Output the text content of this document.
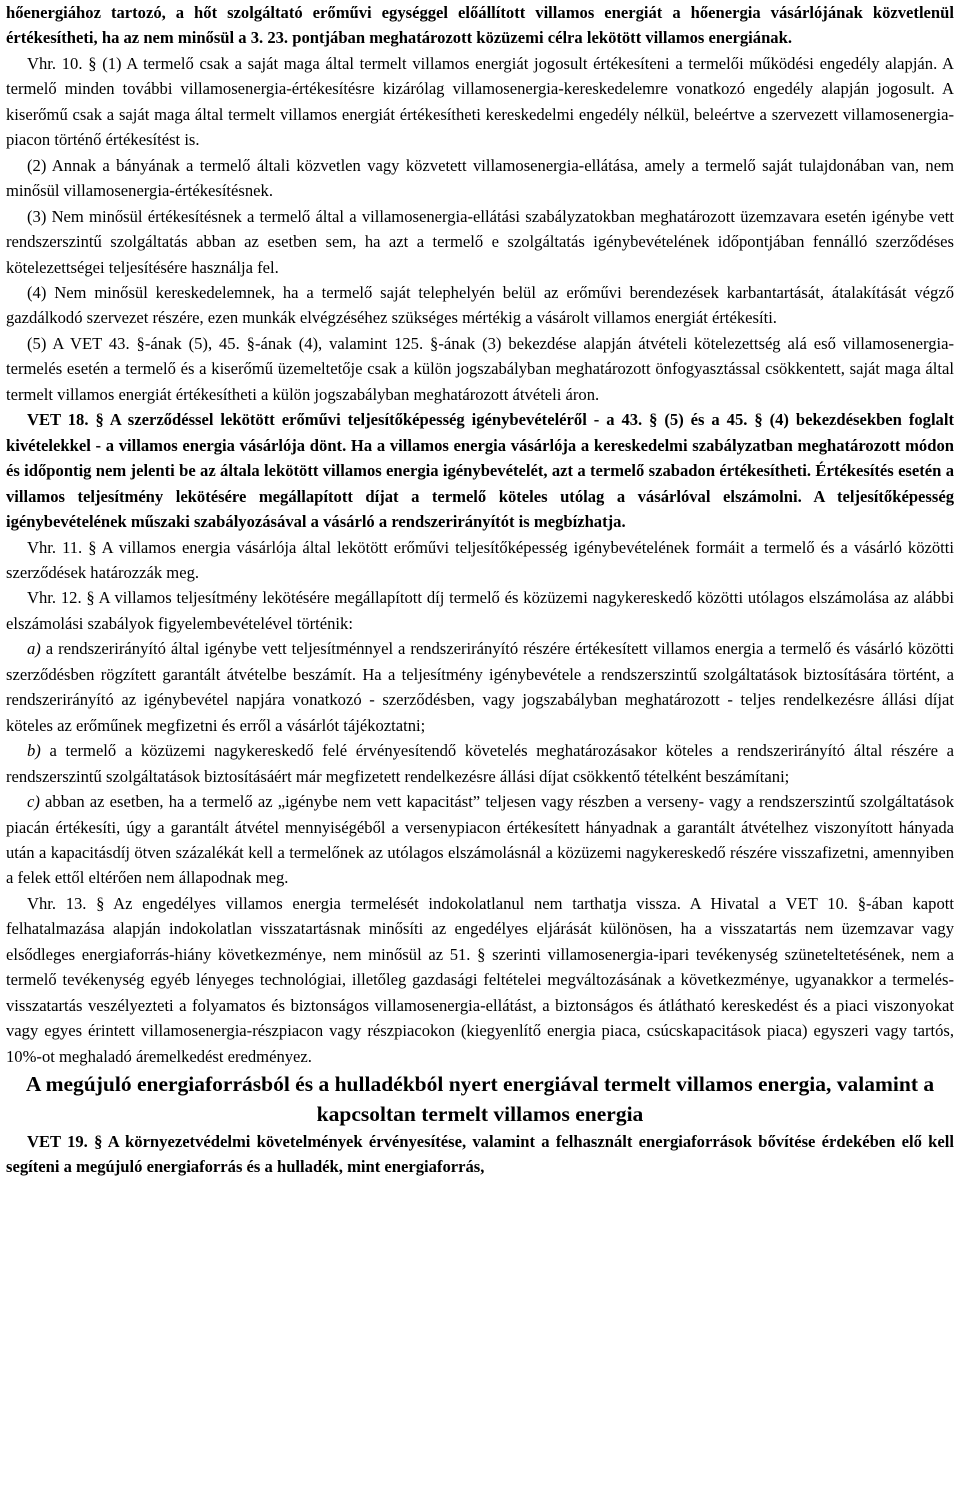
hőenergiához tartozó, a hőt szolgáltató erőművi egységgel előállított villamos energiát a hőenergia vásárlójának közvetlenül értékesítheti, ha az nem minősül a 3. 23. pontjában meghatározott közüzemi célra lekötött villamos energiának.

Vhr. 10. § (1) A termelő csak a saját maga által termelt villamos energiát jogosult értékesíteni a termelői működési engedély alapján. A termelő minden további villamosenergia-értékesítésre kizárólag villamosenergia-kereskedelemre vonatkozó engedély alapján jogosult. A kiserőmű csak a saját maga által termelt villamos energiát értékesítheti kereskedelmi engedély nélkül, beleértve a szervezett villamosenergia-piacon történő értékesítést is.

(2) Annak a bányának a termelő általi közvetlen vagy közvetett villamosenergia-ellátása, amely a termelő saját tulajdonában van, nem minősül villamosenergia-értékesítésnek.

(3) Nem minősül értékesítésnek a termelő által a villamosenergia-ellátási szabályzatokban meghatározott üzemzavara esetén igénybe vett rendszerszintű szolgáltatás abban az esetben sem, ha azt a termelő e szolgáltatás igénybevételének időpontjában fennálló szerződéses kötelezettségei teljesítésére használja fel.

(4) Nem minősül kereskedelemnek, ha a termelő saját telephelyén belül az erőművi berendezések karbantartását, átalakítását végző gazdálkodó szervezet részére, ezen munkák elvégzéséhez szükséges mértékig a vásárolt villamos energiát értékesíti.

(5) A VET 43. §-ának (5), 45. §-ának (4), valamint 125. §-ának (3) bekezdése alapján átvételi kötelezettség alá eső villamosenergia-termelés esetén a termelő és a kiserőmű üzemeltetője csak a külön jogszabályban meghatározott önfogyasztással csökkentett, saját maga által termelt villamos energiát értékesítheti a külön jogszabályban meghatározott átvételi áron.

VET 18. § A szerződéssel lekötött erőművi teljesítőképesség igénybevételéről - a 43. § (5) és a 45. § (4) bekezdésekben foglalt kivételekkel - a villamos energia vásárlója dönt. Ha a villamos energia vásárlója a kereskedelmi szabályzatban meghatározott módon és időpontig nem jelenti be az általa lekötött villamos energia igénybevételét, azt a termelő szabadon értékesítheti. Értékesítés esetén a villamos teljesítmény lekötésére megállapított díjat a termelő köteles utólag a vásárlóval elszámolni. A teljesítőképesség igénybevételének műszaki szabályozásával a vásárló a rendszerirányítót is megbízhatja.

Vhr. 11. § A villamos energia vásárlója által lekötött erőművi teljesítőképesség igénybevételének formáit a termelő és a vásárló közötti szerződések határozzák meg.

Vhr. 12. § A villamos teljesítmény lekötésére megállapított díj termelő és közüzemi nagykereskedő közötti utólagos elszámolása az alábbi elszámolási szabályok figyelembevételével történik:

a) a rendszerirányító által igénybe vett teljesítménnyel a rendszerirányító részére értékesített villamos energia a termelő és vásárló közötti szerződésben rögzített garantált átvételbe beszámít. Ha a teljesítmény igénybevétele a rendszerszintű szolgáltatások biztosítására történt, a rendszerirányító az igénybevétel napjára vonatkozó - szerződésben, vagy jogszabályban meghatározott - teljes rendelkezésre állási díjat köteles az erőműnek megfizetni és erről a vásárlót tájékoztatni;

b) a termelő a közüzemi nagykereskedő felé érvényesítendő követelés meghatározásakor köteles a rendszerirányító által részére a rendszerszintű szolgáltatások biztosításáért már megfizetett rendelkezésre állási díjat csökkentő tételként beszámítani;

c) abban az esetben, ha a termelő az „igénybe nem vett kapacitást” teljesen vagy részben a verseny- vagy a rendszerszintű szolgáltatások piacán értékesíti, úgy a garantált átvétel mennyiségéből a versenypiacon értékesített hányadnak a garantált átvételhez viszonyított hányada után a kapacitásdíj ötven százalékát kell a termelőnek az utólagos elszámolásnál a közüzemi nagykereskedő részére visszafizetni, amennyiben a felek ettől eltérően nem állapodnak meg.

Vhr. 13. § Az engedélyes villamos energia termelését indokolatlanul nem tarthatja vissza. A Hivatal a VET 10. §-ában kapott felhatalmazása alapján indokolatlan visszatartásnak minősíti az engedélyes eljárását különösen, ha a visszatartás nem üzemzavar vagy elsődleges energiaforrás-hiány következménye, nem minősül az 51. § szerinti villamosenergia-ipari tevékenység szüneteltetésének, nem a termelő tevékenység egyéb lényeges technológiai, illetőleg gazdasági feltételei megváltozásának a következménye, ugyanakkor a termelés-visszatartás veszélyezteti a folyamatos és biztonságos villamosenergia-ellátást, a biztonságos és átlátható kereskedést és a piaci viszonyokat vagy egyes érintett villamosenergia-részpiacon vagy részpiacokon (kiegyenlítő energia piaca, csúcskapacitások piaca) egyszeri vagy tartós, 10%-ot meghaladó áremelkedést eredményez.

A megújuló energiaforrásból és a hulladékból nyert energiával termelt villamos energia, valamint a kapcsoltan termelt villamos energia

VET 19. § A környezetvédelmi követelmények érvényesítése, valamint a felhasznált energiaforrások bővítése érdekében elő kell segíteni a megújuló energiaforrás és a hulladék, mint energiaforrás,
